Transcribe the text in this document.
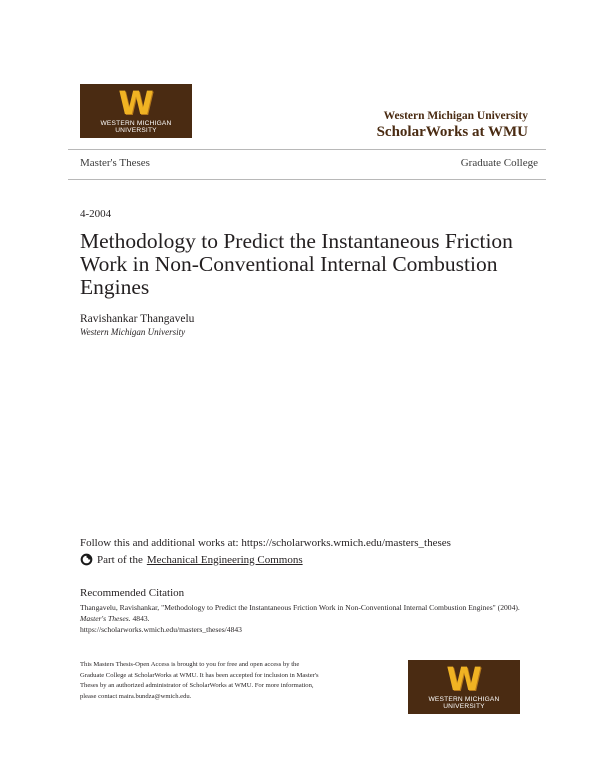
W
WESTERN MICHIGAN UNIVERSITY
Western Michigan University
ScholarWorks at WMU
Master's Theses	Graduate College
4-2004
Methodology to Predict the Instantaneous Friction Work in Non-Conventional Internal Combustion Engines
Ravishankar Thangavelu
Western Michigan University
Follow this and additional works at: https://scholarworks.wmich.edu/masters_theses
Part of the Mechanical Engineering Commons
Recommended Citation
Thangavelu, Ravishankar, "Methodology to Predict the Instantaneous Friction Work in Non-Conventional Internal Combustion Engines" (2004). Master's Theses. 4843.
https://scholarworks.wmich.edu/masters_theses/4843
This Masters Thesis-Open Access is brought to you for free and open access by the Graduate College at ScholarWorks at WMU. It has been accepted for inclusion in Master's Theses by an authorized administrator of ScholarWorks at WMU. For more information, please contact maira.bundza@wmich.edu.	W
WESTERN MICHIGAN UNIVERSITY
